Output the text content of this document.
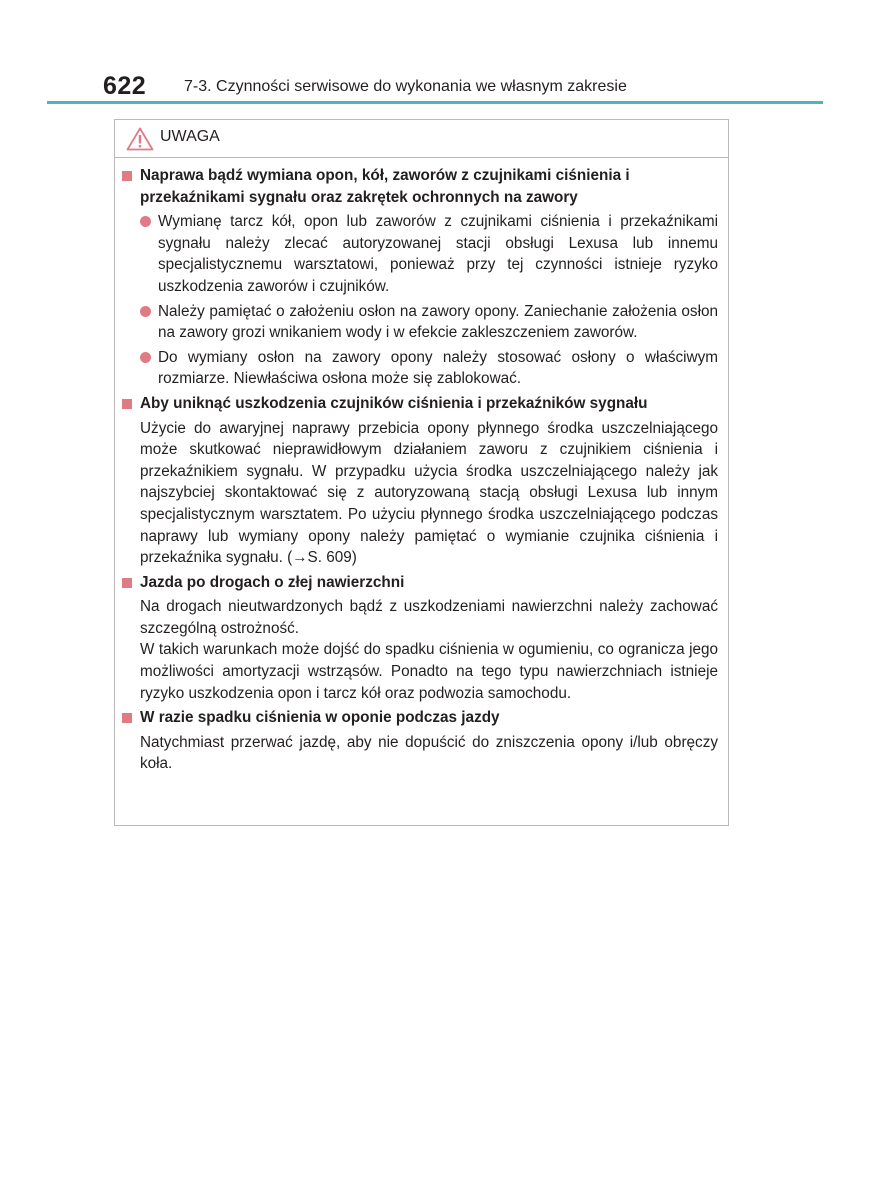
622 7-3. Czynności serwisowe do wykonania we własnym zakresie
UWAGA
Naprawa bądź wymiana opon, kół, zaworów z czujnikami ciśnienia i przekaźnikami sygnału oraz zakrętek ochronnych na zawory
Wymianę tarcz kół, opon lub zaworów z czujnikami ciśnienia i przekaźnikami sygnału należy zlecać autoryzowanej stacji obsługi Lexusa lub innemu specjalistycznemu warsztatowi, ponieważ przy tej czynności istnieje ryzyko uszkodzenia zaworów i czujników.
Należy pamiętać o założeniu osłon na zawory opony. Zaniechanie założenia osłon na zawory grozi wnikaniem wody i w efekcie zakleszczeniem zaworów.
Do wymiany osłon na zawory opony należy stosować osłony o właściwym rozmiarze. Niewłaściwa osłona może się zablokować.
Aby uniknąć uszkodzenia czujników ciśnienia i przekaźników sygnału
Użycie do awaryjnej naprawy przebicia opony płynnego środka uszczelniającego może skutkować nieprawidłowym działaniem zaworu z czujnikiem ciśnienia i przekaźnikiem sygnału. W przypadku użycia środka uszczelniającego należy jak najszybciej skontaktować się z autoryzowaną stacją obsługi Lexusa lub innym specjalistycznym warsztatem. Po użyciu płynnego środka uszczelniającego podczas naprawy lub wymiany opony należy pamiętać o wymianie czujnika ciśnienia i przekaźnika sygnału. (→S. 609)
Jazda po drogach o złej nawierzchni
Na drogach nieutwardzonych bądź z uszkodzeniami nawierzchni należy zachować szczególną ostrożność.
W takich warunkach może dojść do spadku ciśnienia w ogumieniu, co ogranicza jego możliwości amortyzacji wstrząsów. Ponadto na tego typu nawierzchniach istnieje ryzyko uszkodzenia opon i tarcz kół oraz podwozia samochodu.
W razie spadku ciśnienia w oponie podczas jazdy
Natychmiast przerwać jazdę, aby nie dopuścić do zniszczenia opony i/lub obręczy koła.
